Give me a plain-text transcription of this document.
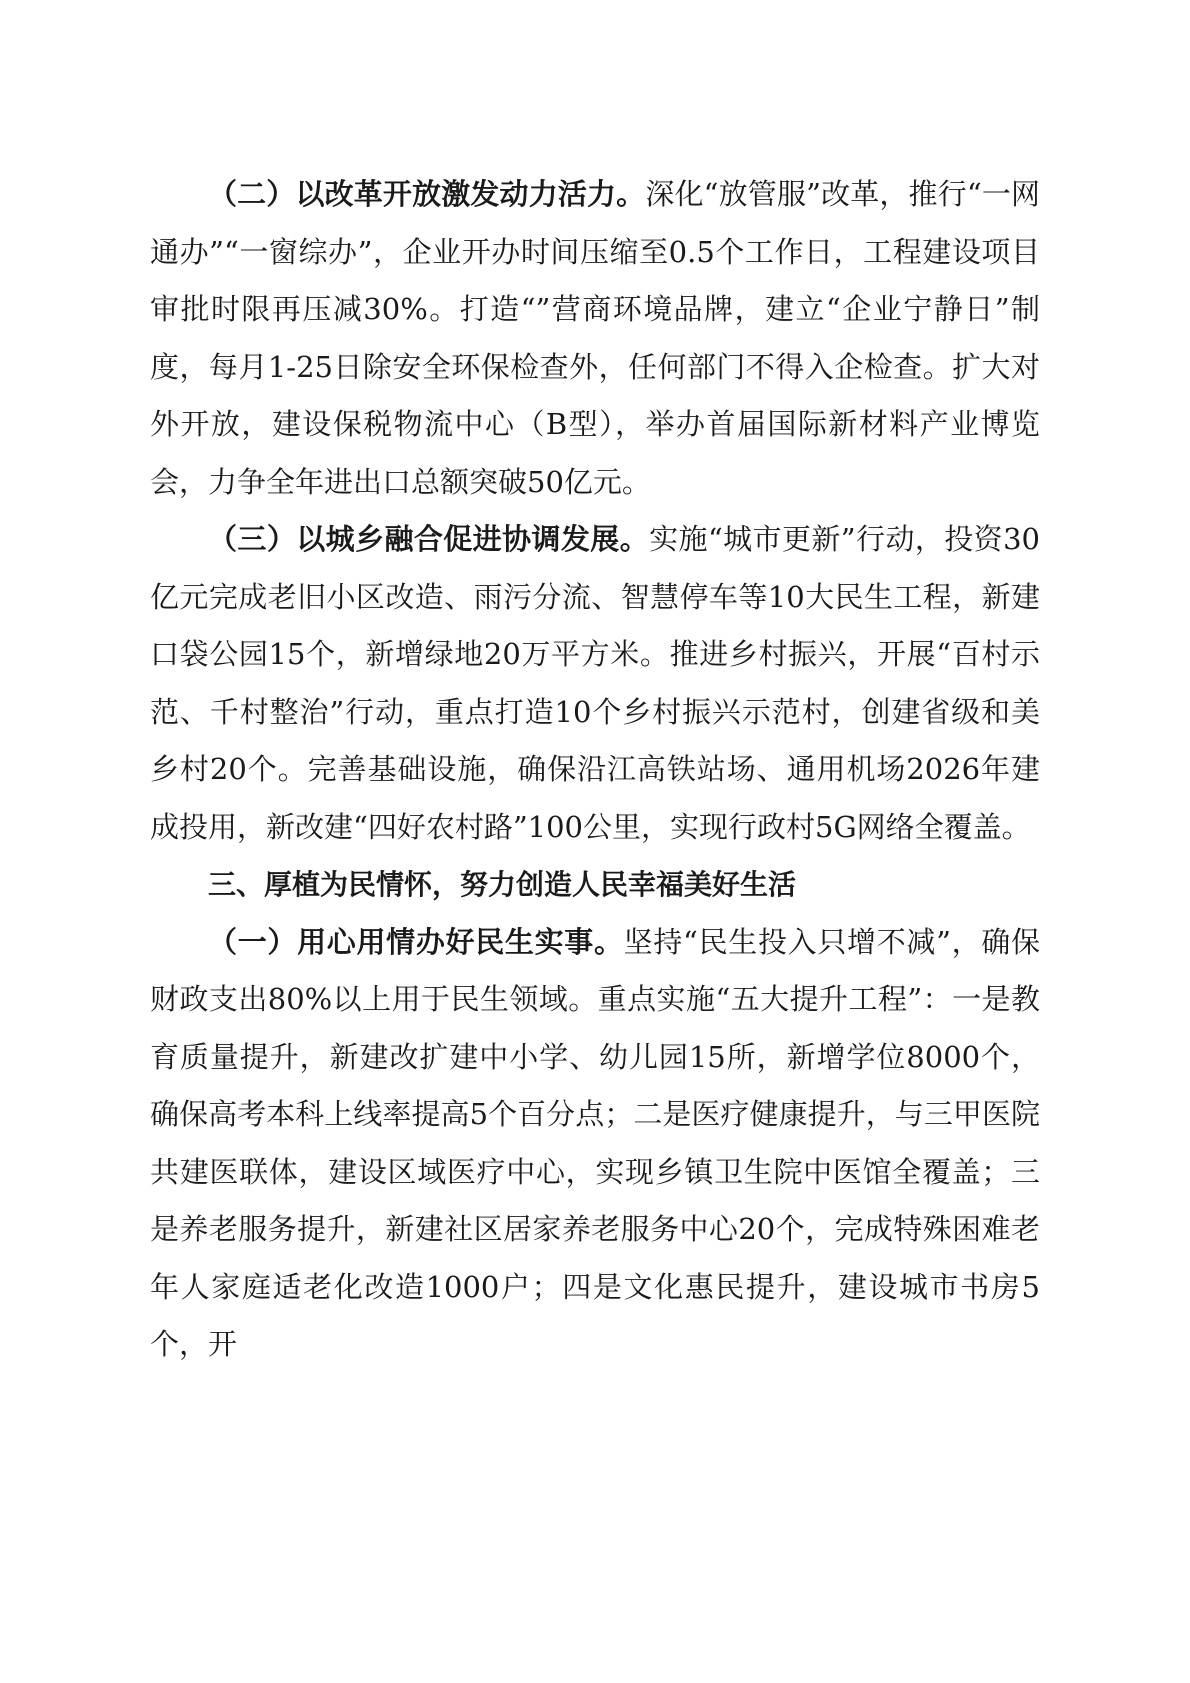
（二）以改革开放激发动力活力。深化“放管服”改革，推行“一网通办”“一窗综办”，企业开办时间压缩至0.5个工作日，工程建设项目审批时限再压减30%。打造“”营商环境品牌，建立“企业宁静日”制度，每月1-25日除安全环保检查外，任何部门不得入企检查。扩大对外开放，建设保税物流中心（B型），举办首届国际新材料产业博览会，力争全年进出口总额突破50亿元。

（三）以城乡融合促进协调发展。实施“城市更新”行动，投资30亿元完成老旧小区改造、雨污分流、智慧停车等10大民生工程，新建口袋公园15个，新增绿地20万平方米。推进乡村振兴，开展“百村示范、千村整治”行动，重点打造10个乡村振兴示范村，创建省级和美乡村20个。完善基础设施，确保沿江高铁站场、通用机场2026年建成投用，新改建“四好农村路”100公里，实现行政村5G网络全覆盖。

三、厚植为民情怀，努力创造人民幸福美好生活

（一）用心用情办好民生实事。坚持“民生投入只增不减”，确保财政支出80%以上用于民生领域。重点实施“五大提升工程”：一是教育质量提升，新建改扩建中小学、幼儿园15所，新增学位8000个，确保高考本科上线率提高5个百分点；二是医疗健康提升，与三甲医院共建医联体，建设区域医疗中心，实现乡镇卫生院中医馆全覆盖；三是养老服务提升，新建社区居家养老服务中心20个，完成特殊困难老年人家庭适老化改造1000户；四是文化惠民提升，建设城市书房5个，开
